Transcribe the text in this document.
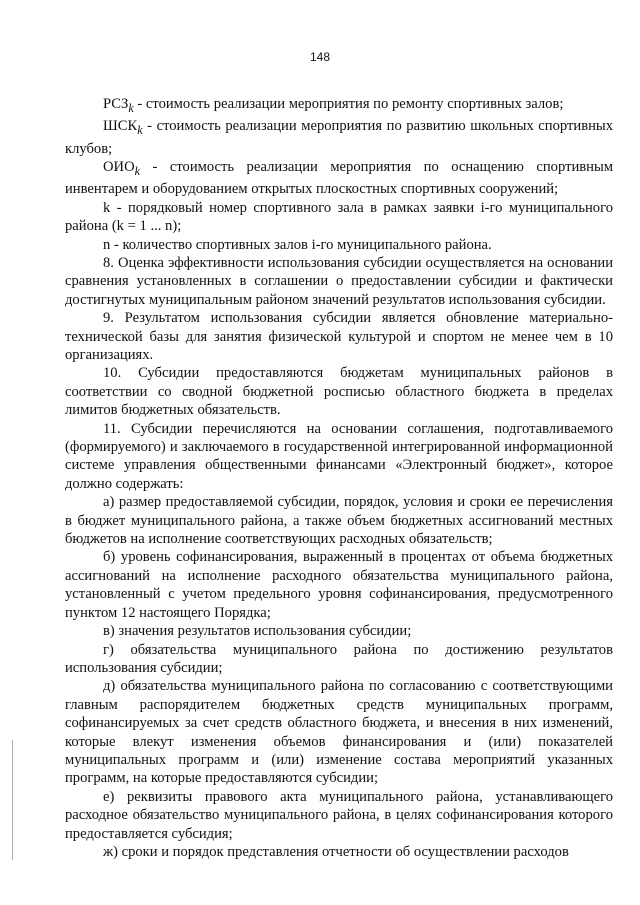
148

$РСЗ_k$ - стоимость реализации мероприятия по ремонту спортивных залов;

$ШСК_k$ - стоимость реализации мероприятия по развитию школьных спортивных клубов;

$ОИО_k$ - стоимость реализации мероприятия по оснащению спортивным инвентарем и оборудованием открытых плоскостных спортивных сооружений;

k - порядковый номер спортивного зала в рамках заявки i-го муниципального района (k = 1 ... n);

n - количество спортивных залов i-го муниципального района.

8. Оценка эффективности использования субсидии осуществляется на основании сравнения установленных в соглашении о предоставлении субсидии и фактически достигнутых муниципальным районом значений результатов использования субсидии.

9. Результатом использования субсидии является обновление материально-технической базы для занятия физической культурой и спортом не менее чем в 10 организациях.

10. Субсидии предоставляются бюджетам муниципальных районов в соответствии со сводной бюджетной росписью областного бюджета в пределах лимитов бюджетных обязательств.

11. Субсидии перечисляются на основании соглашения, подготавливаемого (формируемого) и заключаемого в государственной интегрированной информационной системе управления общественными финансами «Электронный бюджет», которое должно содержать:

а) размер предоставляемой субсидии, порядок, условия и сроки ее перечисления в бюджет муниципального района, а также объем бюджетных ассигнований местных бюджетов на исполнение соответствующих расходных обязательств;

б) уровень софинансирования, выраженный в процентах от объема бюджетных ассигнований на исполнение расходного обязательства муниципального района, установленный с учетом предельного уровня софинансирования, предусмотренного пунктом 12 настоящего Порядка;

в) значения результатов использования субсидии;

г) обязательства муниципального района по достижению результатов использования субсидии;

д) обязательства муниципального района по согласованию с соответствующими главным распорядителем бюджетных средств муниципальных программ, софинансируемых за счет средств областного бюджета, и внесения в них изменений, которые влекут изменения объемов финансирования и (или) показателей муниципальных программ и (или) изменение состава мероприятий указанных программ, на которые предоставляются субсидии;

е) реквизиты правового акта муниципального района, устанавливающего расходное обязательство муниципального района, в целях софинансирования которого предоставляется субсидия;

ж) сроки и порядок представления отчетности об осуществлении расходов
